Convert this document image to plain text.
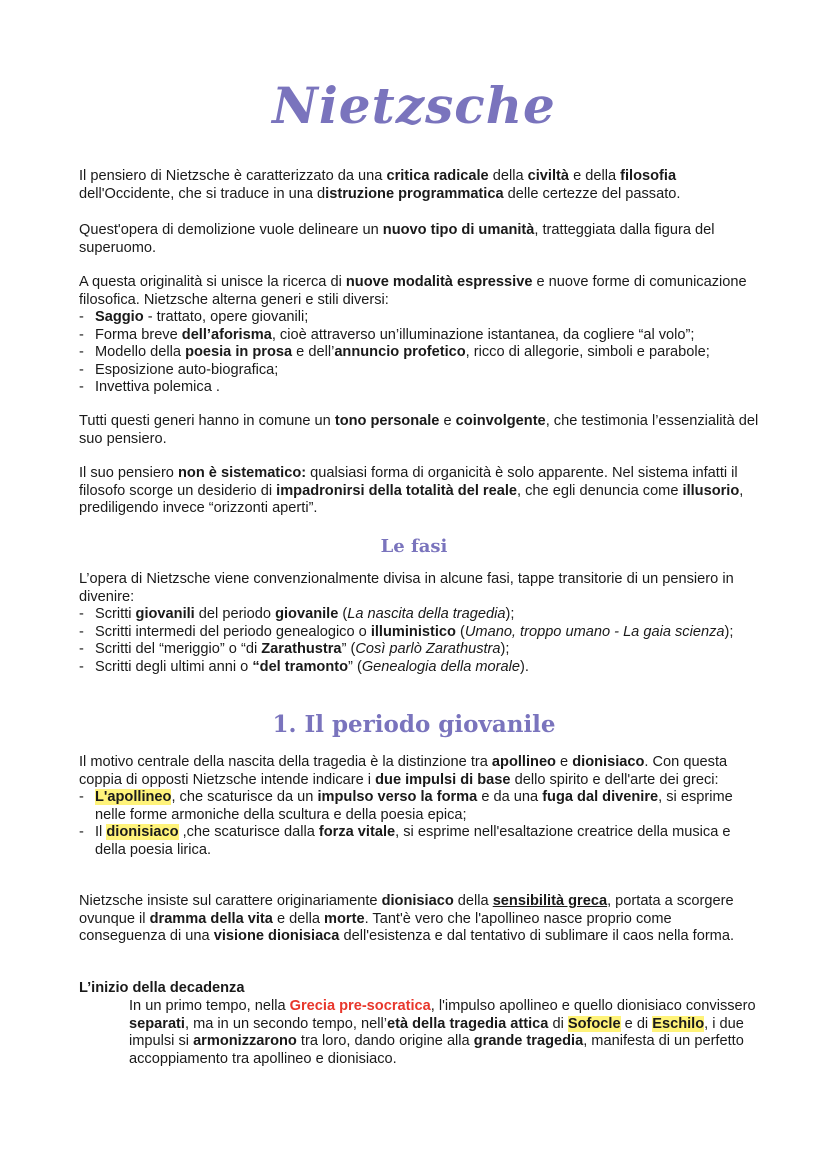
Nietzsche

Il pensiero di Nietzsche è caratterizzato da una critica radicale della civiltà e della filosofia dell'Occidente, che si traduce in una distruzione programmatica delle certezze del passato.

Quest'opera di demolizione vuole delineare un nuovo tipo di umanità, tratteggiata dalla figura del superuomo.

A questa originalità si unisce la ricerca di nuove modalità espressive e nuove forme di comunicazione filosofica. Nietzsche alterna generi e stili diversi:

- Saggio - trattato, opere giovanili;
- Forma breve dell’aforisma, cioè attraverso un’illuminazione istantanea, da cogliere “al volo”;
- Modello della poesia in prosa e dell’annuncio profetico, ricco di allegorie, simboli e parabole;
- Esposizione auto-biografica;
- Invettiva polemica .

Tutti questi generi hanno in comune un tono personale e coinvolgente, che testimonia l’essenzialità del suo pensiero.

Il suo pensiero non è sistematico: qualsiasi forma di organicità è solo apparente. Nel sistema infatti il filosofo scorge un desiderio di impadronirsi della totalità del reale, che egli denuncia come illusorio, prediligendo invece “orizzonti aperti”.

Le fasi

L’opera di Nietzsche viene convenzionalmente divisa in alcune fasi, tappe transitorie di un pensiero in divenire:

- Scritti giovanili del periodo giovanile (La nascita della tragedia);
- Scritti intermedi del periodo genealogico o illuministico (Umano, troppo umano - La gaia scienza);
- Scritti del “meriggio” o “di Zarathustra” (Così parlò Zarathustra);
- Scritti degli ultimi anni o “del tramonto” (Genealogia della morale).
1. Il periodo giovanile

Il motivo centrale della nascita della tragedia è la distinzione tra apollineo e dionisiaco. Con questa coppia di opposti Nietzsche intende indicare i due impulsi di base dello spirito e dell'arte dei greci:

- L'apollineo, che scaturisce da un impulso verso la forma e da una fuga dal divenire, si esprime nelle forme armoniche della scultura e della poesia epica;
- Il dionisiaco ,che scaturisce dalla forza vitale, si esprime nell'esaltazione creatrice della musica e della poesia lirica.

Nietzsche insiste sul carattere originariamente dionisiaco della sensibilità greca, portata a scorgere ovunque il dramma della vita e della morte. Tant'è vero che l'apollineo nasce proprio come conseguenza di una visione dionisiaca dell'esistenza e dal tentativo di sublimare il caos nella forma.

L’inizio della decadenza

In un primo tempo, nella Grecia pre-socratica, l'impulso apollineo e quello dionisiaco convissero separati, ma in un secondo tempo, nell’età della tragedia attica di Sofocle e di Eschilo, i due impulsi si armonizzarono tra loro, dando origine alla grande tragedia, manifesta di un perfetto accoppiamento tra apollineo e dionisiaco.
